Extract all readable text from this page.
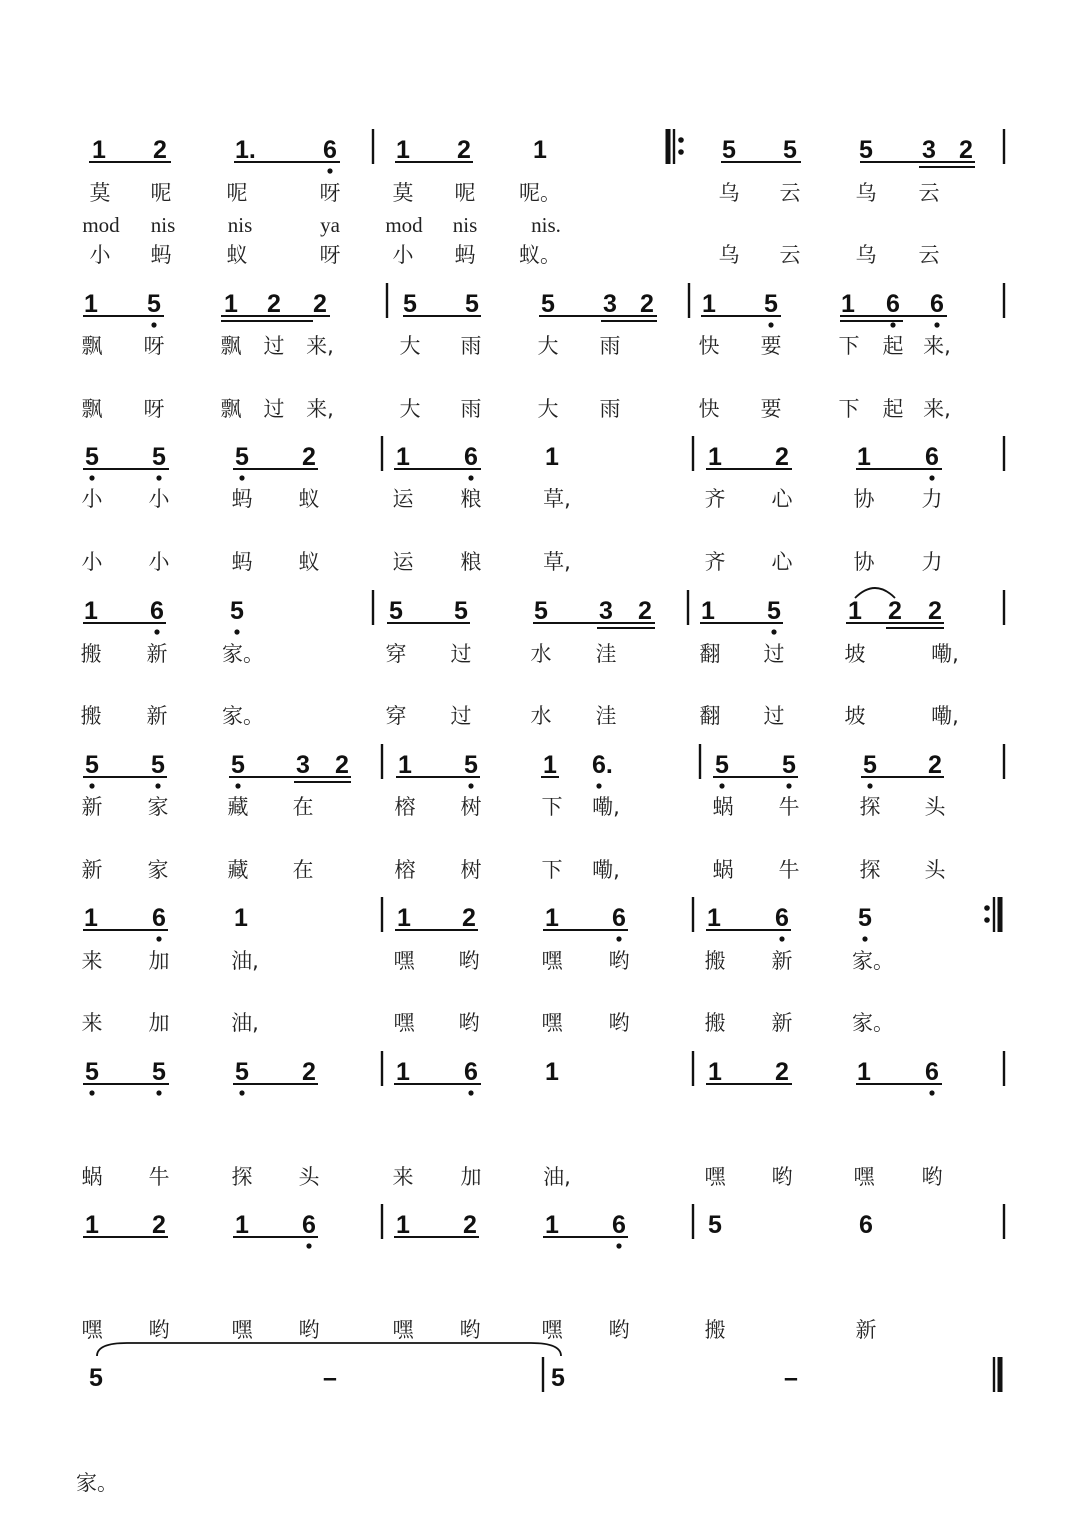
1 2	1.	6 1 2 1	5 5 5 3 2
莫 呢	呢	呀 莫 呢 呢。	乌 云	乌 云
mod nis nis	ya mod nis	nis.
小 蚂	蚁	呀 小 蚂 蚁。	乌 云	乌 云
1 5	1 2 2	5 5 5 3 2 1 5	1 6 6
飘 呀	飘 过 来,	大 雨	大 雨	快 要	下 起 来,
飘 呀	飘 过 来,	大 雨	大 雨	快 要	下 起 来,
5 5	5 2	1 6	1	1 2	1 6
小 小	蚂 蚁	运 粮	草,	齐 心	协 力
小 小	蚂 蚁	运 粮	草,	齐 心	协 力
1 6	5	5 5	5 3 2 1 5	1 2 2
搬 新	家。	穿 过	水 洼	翻 过	坡	嘞,
搬 新	家。	穿 过	水 洼	翻 过	坡	嘞,
5 5	5 3 2 1 5	1 6.	5 5	5 2
新 家	藏 在	榕 树	下 嘞,	蜗 牛	探 头
新 家	藏 在	榕 树	下 嘞,	蜗 牛	探 头
1 6	1	1 2	1 6	1 6	5
来 加	油,	嘿 哟	嘿 哟	搬 新	家。
来 加	油,	嘿 哟	嘿 哟	搬 新	家。
5 5	5 2	1 6	1	1 2	1 6
蜗 牛	探 头	来 加	油,	嘿 哟	嘿 哟
1 2	1 6	1 2	1 6	5	6
嘿 哟	嘿 哟	嘿 哟	嘿 哟	搬	新
5	–	5	–
家。
